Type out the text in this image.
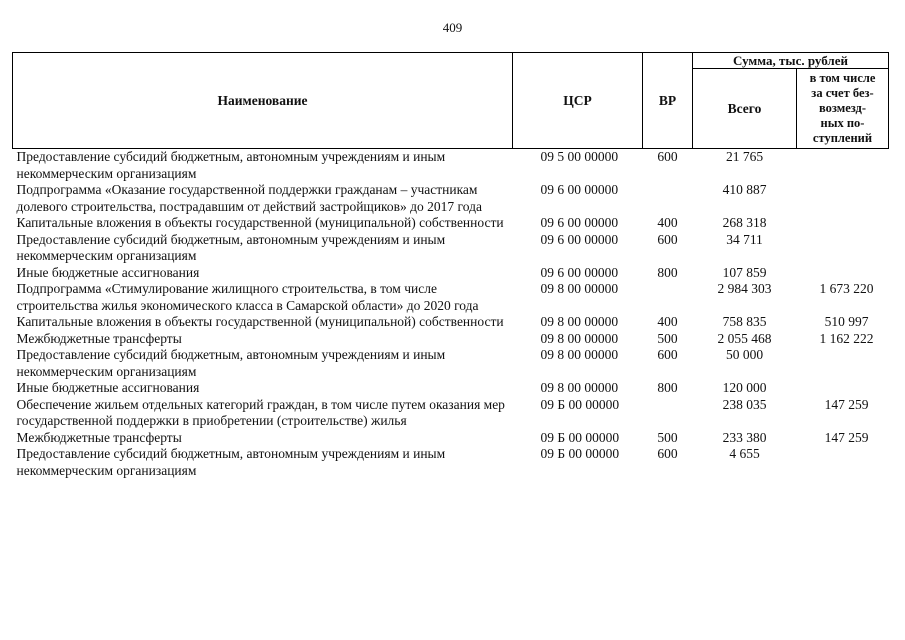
409
Наименование	ЦСР	ВР	Сумма, тыс. рублей	
			Всего	в том числе
за счет без-
возмезд-
ных по-
ступлений
Предоставление субсидий бюджетным, автономным учреждениям и иным некоммерческим организациям	09 5 00 00000	600	21 765	
Подпрограмма «Оказание государственной поддержки гражданам – участникам долевого строительства, пострадавшим от действий застройщиков» до 2017 года	09 6 00 00000		410 887	
Капитальные вложения в объекты государственной (муниципальной) собственности	09 6 00 00000	400	268 318	
Предоставление субсидий бюджетным, автономным учреждениям и иным некоммерческим организациям	09 6 00 00000	600	34 711	
Иные бюджетные ассигнования	09 6 00 00000	800	107 859	
Подпрограмма «Стимулирование жилищного строительства, в том числе строительства жилья экономического класса в Самарской области» до 2020 года	09 8 00 00000		2 984 303	1 673 220
Капитальные вложения в объекты государственной (муниципальной) собственности	09 8 00 00000	400	758 835	510 997
Межбюджетные трансферты	09 8 00 00000	500	2 055 468	1 162 222
Предоставление субсидий бюджетным, автономным учреждениям и иным некоммерческим организациям	09 8 00 00000	600	50 000	
Иные бюджетные ассигнования	09 8 00 00000	800	120 000	
Обеспечение жильем отдельных категорий граждан, в том числе путем оказания мер государственной поддержки в приобретении (строительстве) жилья	09 Б 00 00000		238 035	147 259
Межбюджетные трансферты	09 Б 00 00000	500	233 380	147 259
Предоставление субсидий бюджетным, автономным учреждениям и иным некоммерческим организациям	09 Б 00 00000	600	4 655	
